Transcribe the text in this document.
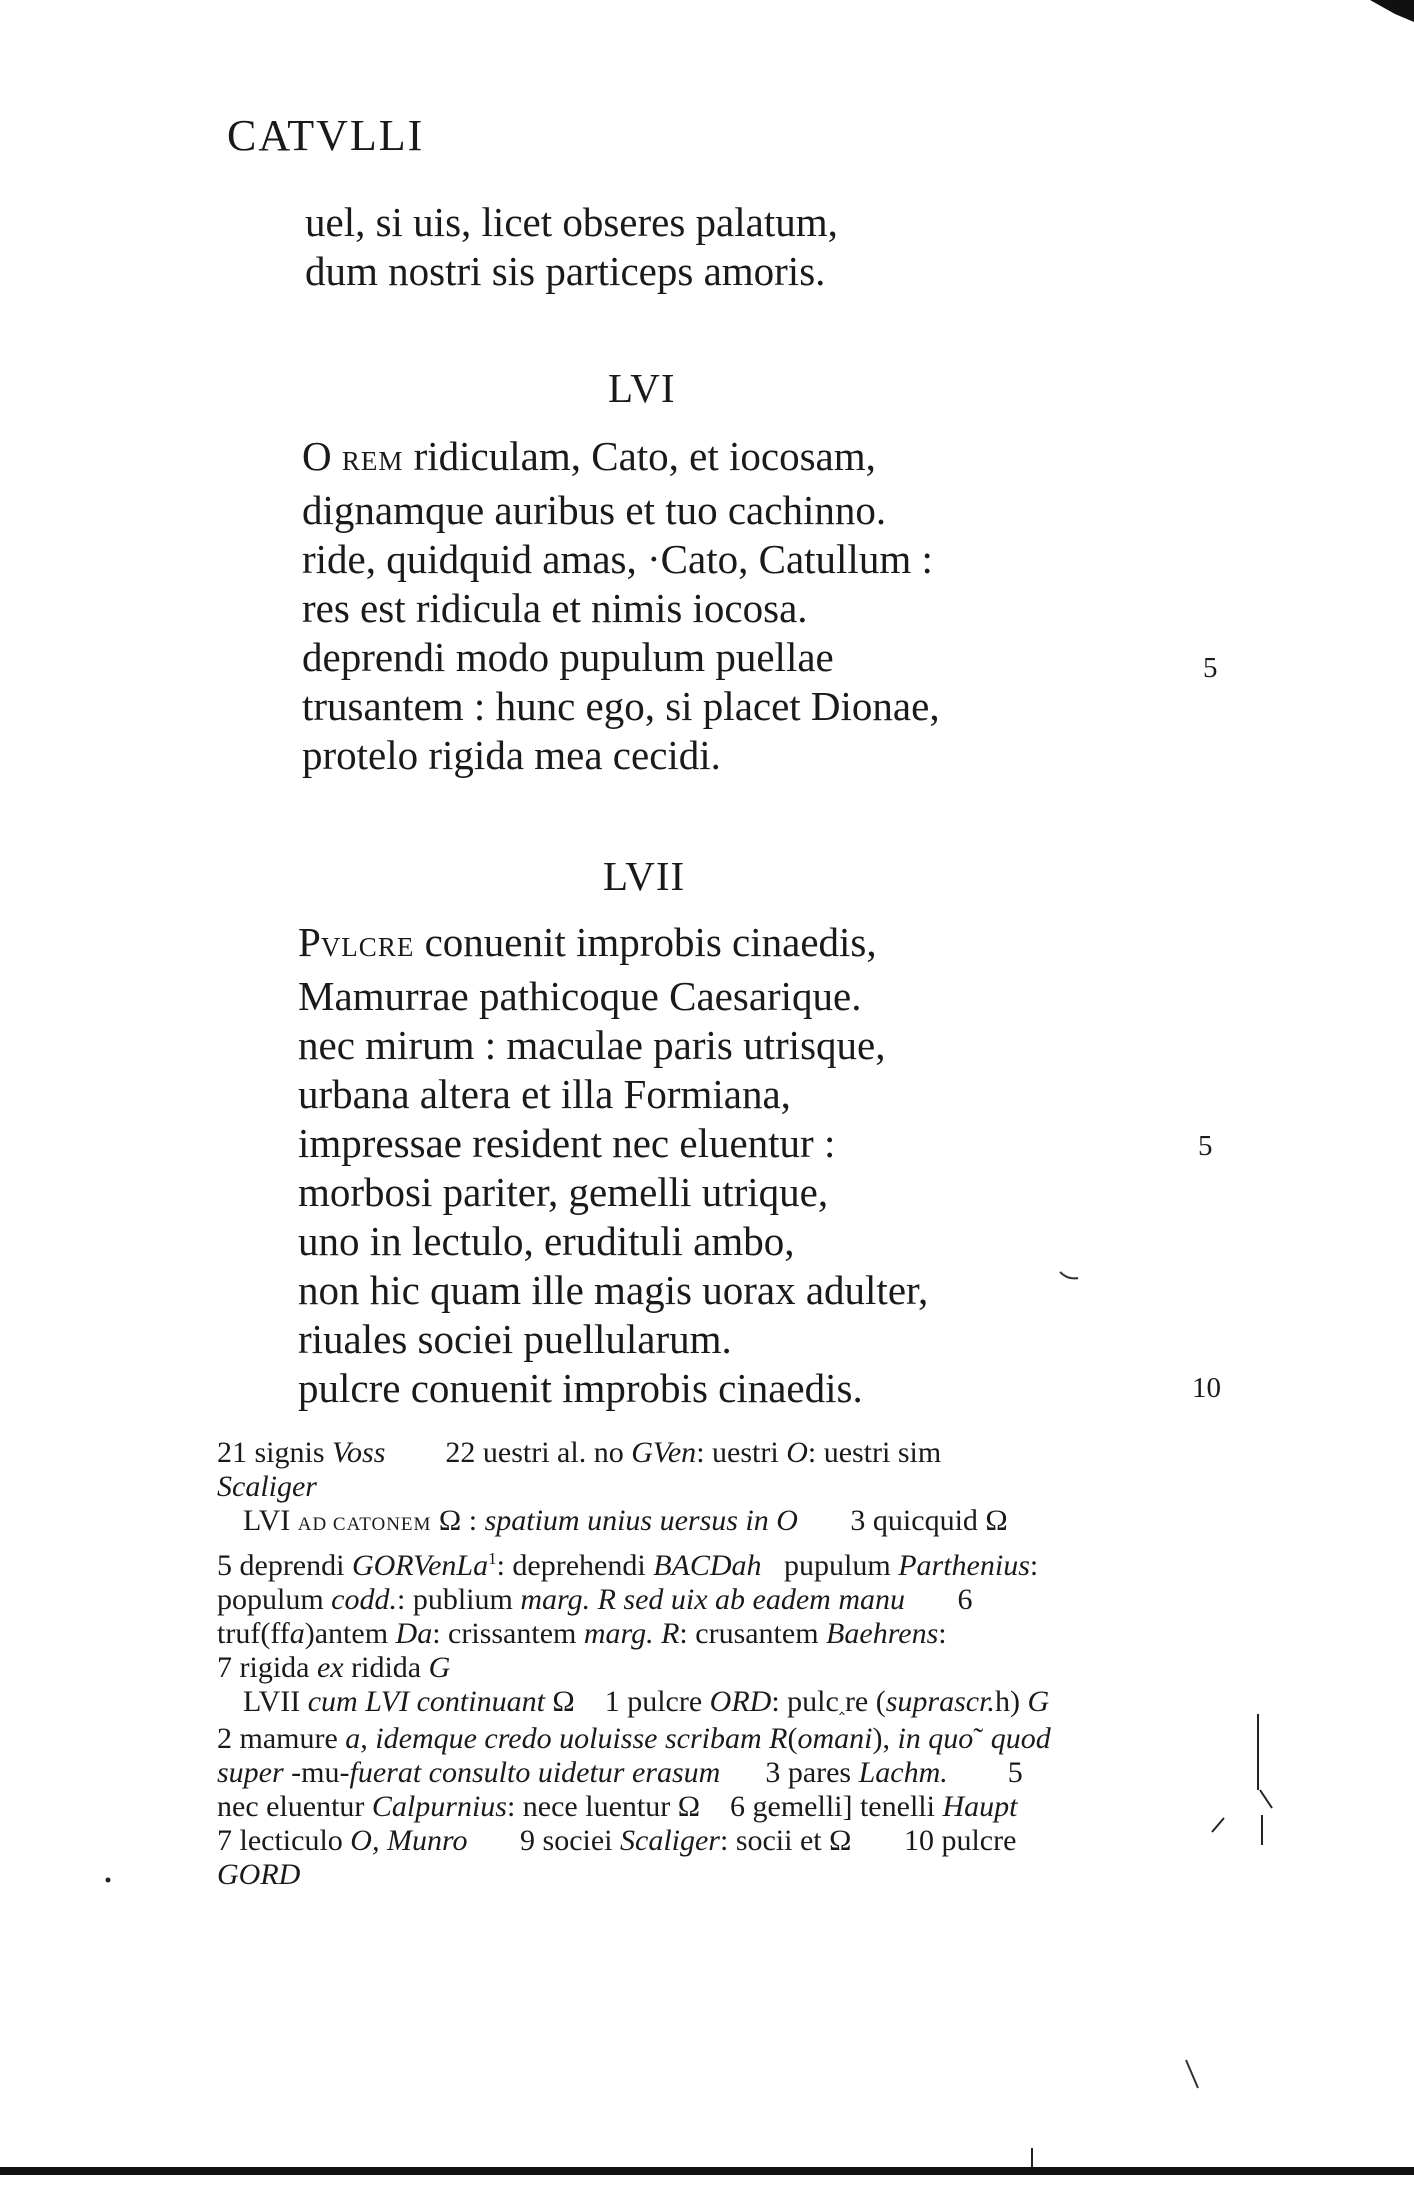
CATVLLI
uel, si uis, licet obseres palatum,
dum nostri sis particeps amoris.
LVI
O REM ridiculam, Cato, et iocosam,
dignamque auribus et tuo cachinno.
ride, quidquid amas, ·Cato, Catullum :
res est ridicula et nimis iocosa.
deprendi modo pupulum puellae
trusantem : hunc ego, si placet Dionae,
protelo rigida mea cecidi.
5
LVII
PVLCRE conuenit improbis cinaedis,
Mamurrae pathicoque Caesarique.
nec mirum : maculae paris utrisque,
urbana altera et illa Formiana,
impressae resident nec eluentur :
morbosi pariter, gemelli utrique,
uno in lectulo, erudituli ambo,
non hic quam ille magis uorax adulter,
riuales sociei puellularum.
pulcre conuenit improbis cinaedis.
5
10
21 signis Voss 22 uestri al. no GVen: uestri O: uestri sim
Scaliger
LVI AD CATONEM Ω : spatium unius uersus in O 3 quicquid Ω
5 deprendi GORVenLa$^1$: deprehendi BACDah pupulum Parthenius:
populum codd.: publium marg. R sed uix ab eadem manu 6
truf(ffa)antem Da: crissantem marg. R: crusantem Baehrens:
7 rigida ex ridida G
LVII cum LVI continuant Ω 1 pulcre ORD: pulc‸re (suprascr.h) G
2 mamure a, idemque credo uoluisse scribam R(omani), in quo˜ quod
super -mu-fuerat consulto uidetur erasum 3 pares Lachm. 5
nec eluentur Calpurnius: nece luentur Ω 6 gemelli] tenelli Haupt
7 lecticulo O, Munro 9 sociei Scaliger: socii et Ω 10 pulcre
GORD
